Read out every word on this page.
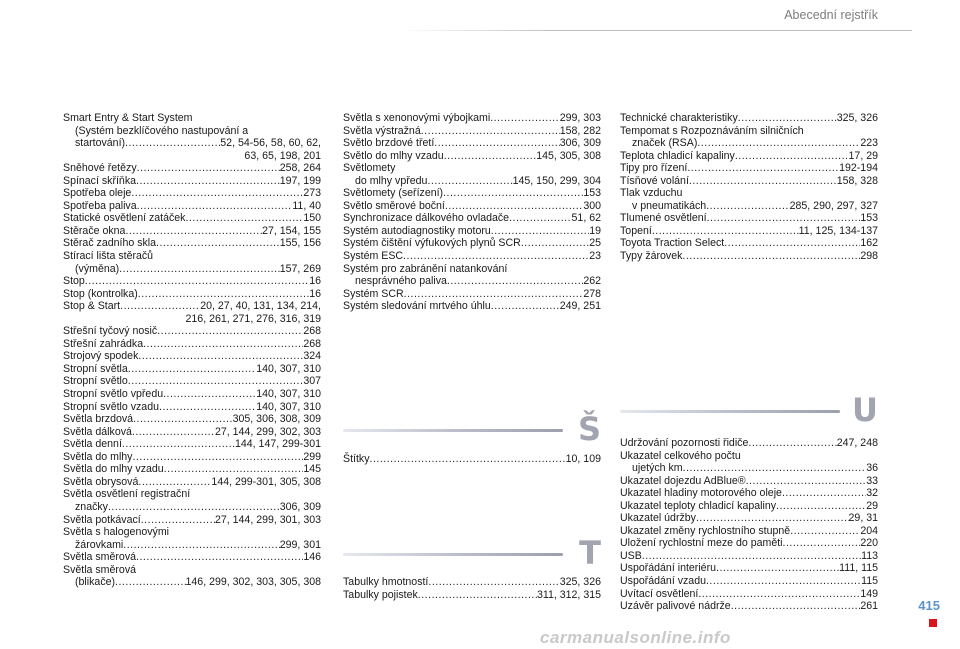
Abecední rejstřík
Smart Entry & Start System
(Systém bezklíčového nastupování a
startování) .....	52, 54-56, 58, 60, 62,
63, 65, 198, 201
Sněhové řetězy .....	258, 264
Spínací skříňka .....	197, 199
Spotřeba oleje .....	273
Spotřeba paliva .....	11, 40
Statické osvětlení zatáček .....	150
Stěrače okna .....	27, 154, 155
Stěrač zadního skla .....	155, 156
Stírací lišta stěračů
(výměna) .....	157, 269
Stop .....	16
Stop (kontrolka) .....	16
Stop & Start .....	20, 27, 40, 131, 134, 214,
216, 261, 271, 276, 316, 319
Střešní tyčový nosič .....	268
Střešní zahrádka .....	268
Strojový spodek .....	324
Stropní světla .....	140, 307, 310
Stropní světlo .....	307
Stropní světlo vpředu .....	140, 307, 310
Stropní světlo vzadu .....	140, 307, 310
Světla brzdová .....	305, 306, 308, 309
Světla dálková .....	27, 144, 299, 302, 303
Světla denní .....	144, 147, 299-301
Světla do mlhy .....	299
Světla do mlhy vzadu .....	145
Světla obrysová .....	144, 299-301, 305, 308
Světla osvětlení registrační
značky .....	306, 309
Světla potkávací .....	27, 144, 299, 301, 303
Světla s halogenovými
žárovkami .....	299, 301
Světla směrová .....	146
Světla směrová
(blikače) .....	146, 299, 302, 303, 305, 308
Světla s xenonovými výbojkami .....	299, 303
Světla výstražná .....	158, 282
Světlo brzdové třetí .....	306, 309
Světlo do mlhy vzadu .....	145, 305, 308
Světlomety
do mlhy vpředu .....	145, 150, 299, 304
Světlomety (seřízení) .....	153
Světlo směrové boční .....	300
Synchronizace dálkového ovladače .....	51, 62
Systém autodiagnostiky motoru .....	19
Systém čištění výfukových plynů SCR .....	25
Systém ESC .....	23
Systém pro zabránění natankování
nesprávného paliva .....	262
Systém SCR .....	278
Systém sledování mrtvého úhlu .....	249, 251
Š
Štítky .....	10, 109
T
Tabulky hmotností .....	325, 326
Tabulky pojistek .....	311, 312, 315
Technické charakteristiky .....	325, 326
Tempomat s Rozpoznáváním silničních
značek (RSA) .....	223
Teplota chladicí kapaliny .....	17, 29
Tipy pro řízení .....	192-194
Tísňové volání .....	158, 328
Tlak vzduchu
v pneumatikách .....	285, 290, 297, 327
Tlumené osvětlení .....	153
Topení .....	11, 125, 134-137
Toyota Traction Select .....	162
Typy žárovek .....	298
U
Udržování pozornosti řidiče .....	247, 248
Ukazatel celkového počtu
ujetých km .....	36
Ukazatel dojezdu AdBlue® .....	33
Ukazatel hladiny motorového oleje .....	32
Ukazatel teploty chladicí kapaliny .....	29
Ukazatel údržby .....	29, 31
Ukazatel změny rychlostního stupně .....	204
Uložení rychlostní meze do paměti .....	220
USB .....	113
Uspořádání interiéru .....	111, 115
Uspořádání vzadu .....	115
Uvítací osvětlení .....	149
Uzávěr palivové nádrže .....	261	415
carmanualsonline.info
